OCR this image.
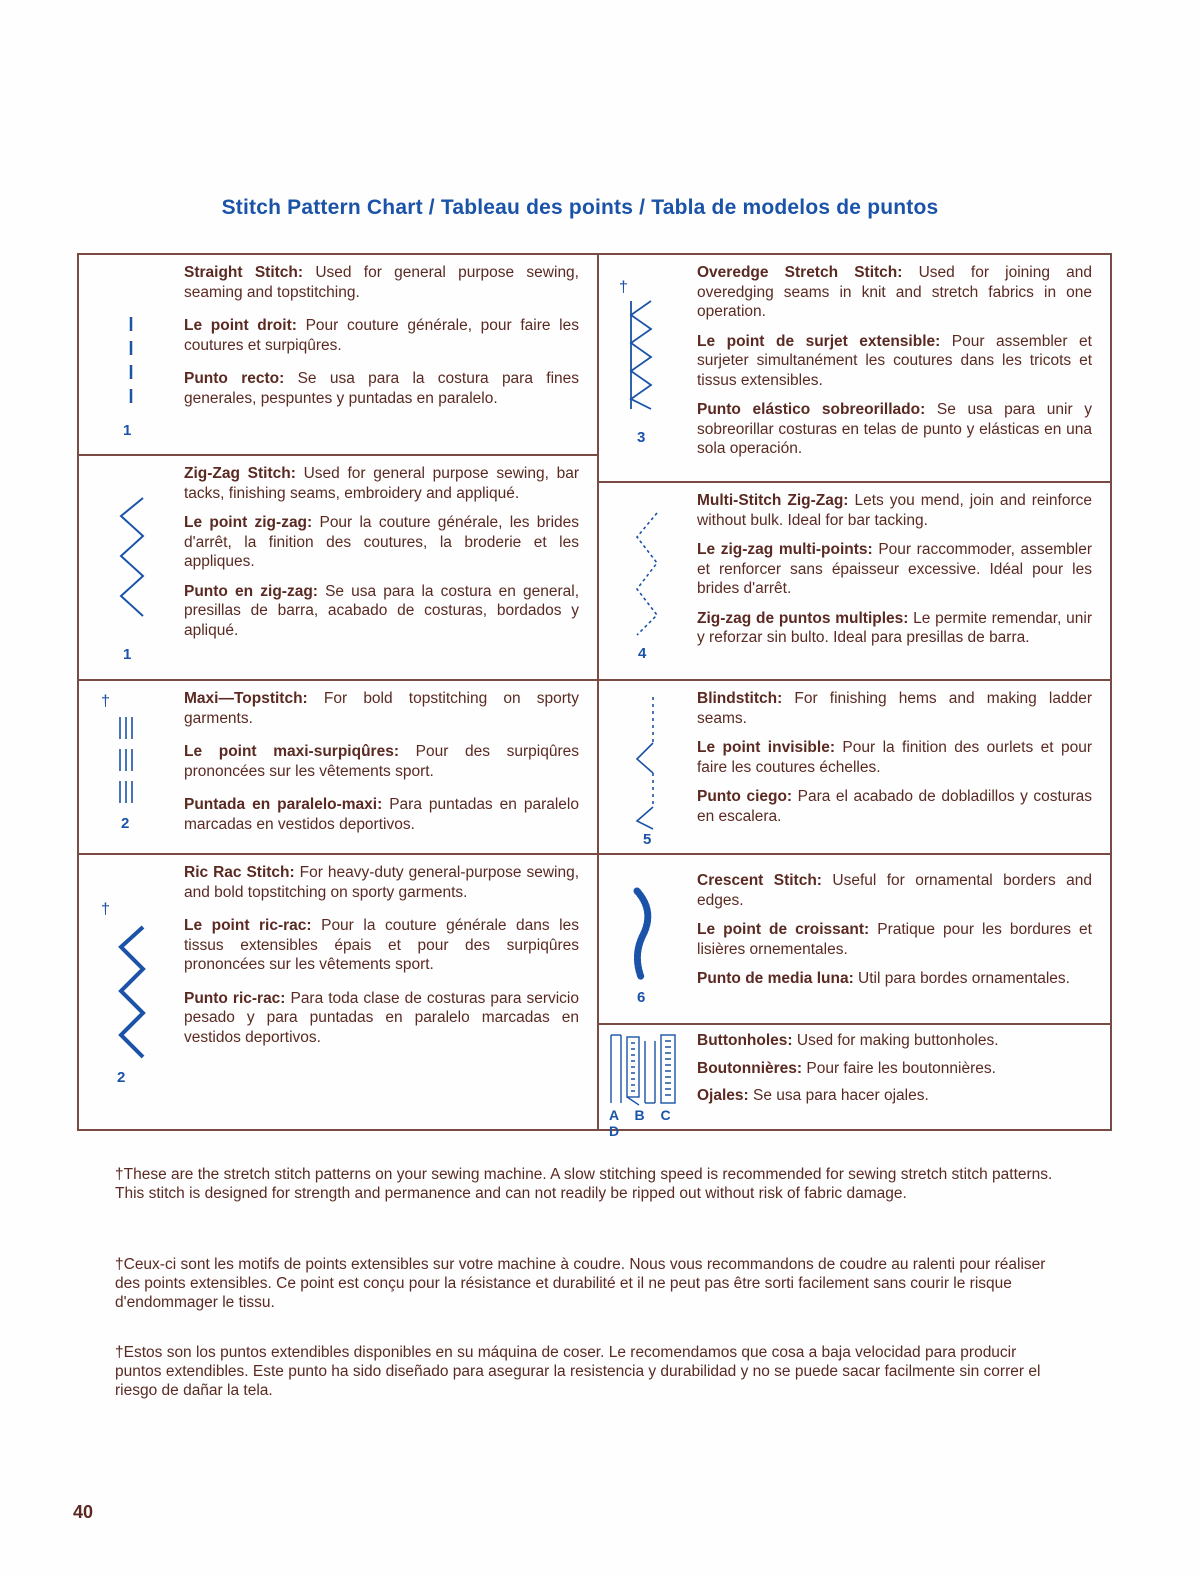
Stitch Pattern Chart / Tableau des points / Tabla de modelos de puntos
1

Straight Stitch: Used for general purpose sewing, seaming and topstitching.

Le point droit: Pour couture générale, pour faire les coutures et surpiqûres.

Punto recto: Se usa para la costura para fines generales, pespuntes y puntadas en paralelo.

1

Zig-Zag Stitch: Used for general purpose sewing, bar tacks, finishing seams, embroidery and appliqué.

Le point zig-zag: Pour la couture générale, les brides d'arrêt, la finition des coutures, la broderie et les appliques.

Punto en zig-zag: Se usa para la costura en general, presillas de barra, acabado de costuras, bordados y apliqué.

†
2

Maxi—Topstitch: For bold topstitching on sporty garments.

Le point maxi-surpiqûres: Pour des surpiqûres prononcées sur les vêtements sport.

Puntada en paralelo-maxi: Para puntadas en paralelo marcadas en vestidos deportivos.

†
2

Ric Rac Stitch: For heavy-duty general-purpose sewing, and bold topstitching on sporty garments.

Le point ric-rac: Pour la couture générale dans les tissus extensibles épais et pour des surpiqûres prononcées sur les vêtements sport.

Punto ric-rac: Para toda clase de costuras para servicio pesado y para puntadas en paralelo marcadas en vestidos deportivos.

†
3

Overedge Stretch Stitch: Used for joining and overedging seams in knit and stretch fabrics in one operation.

Le point de surjet extensible: Pour assembler et surjeter simultanément les coutures dans les tricots et tissus extensibles.

Punto elástico sobreorillado: Se usa para unir y sobreorillar costuras en telas de punto y elásticas en una sola operación.

4

Multi-Stitch Zig-Zag: Lets you mend, join and reinforce without bulk. Ideal for bar tacking.

Le zig-zag multi-points: Pour raccommoder, assembler et renforcer sans épaisseur excessive. Idéal pour les brides d'arrêt.

Zig-zag de puntos multiples: Le permite remendar, unir y reforzar sin bulto. Ideal para presillas de barra.

5

Blindstitch: For finishing hems and making ladder seams.

Le point invisible: Pour la finition des ourlets et pour faire les coutures échelles.

Punto ciego: Para el acabado de dobladillos y costuras en escalera.

6

Crescent Stitch: Useful for ornamental borders and edges.

Le point de croissant: Pratique pour les bordures et lisières ornementales.

Punto de media luna: Util para bordes ornamentales.

A B C D

Buttonholes: Used for making buttonholes.

Boutonnières: Pour faire les boutonnières.

Ojales: Se usa para hacer ojales.

†These are the stretch stitch patterns on your sewing machine. A slow stitching speed is recommended for sewing stretch stitch patterns. This stitch is designed for strength and permanence and can not readily be ripped out without risk of fabric damage.

†Ceux-ci sont les motifs de points extensibles sur votre machine à coudre. Nous vous recommandons de coudre au ralenti pour réaliser des points extensibles. Ce point est conçu pour la résistance et durabilité et il ne peut pas être sorti facilement sans courir le risque d'endommager le tissu.

†Estos son los puntos extendibles disponibles en su máquina de coser. Le recomendamos que cosa a baja velocidad para producir puntos extendibles. Este punto ha sido diseñado para asegurar la resistencia y durabilidad y no se puede sacar facilmente sin correr el riesgo de dañar la tela.

40
